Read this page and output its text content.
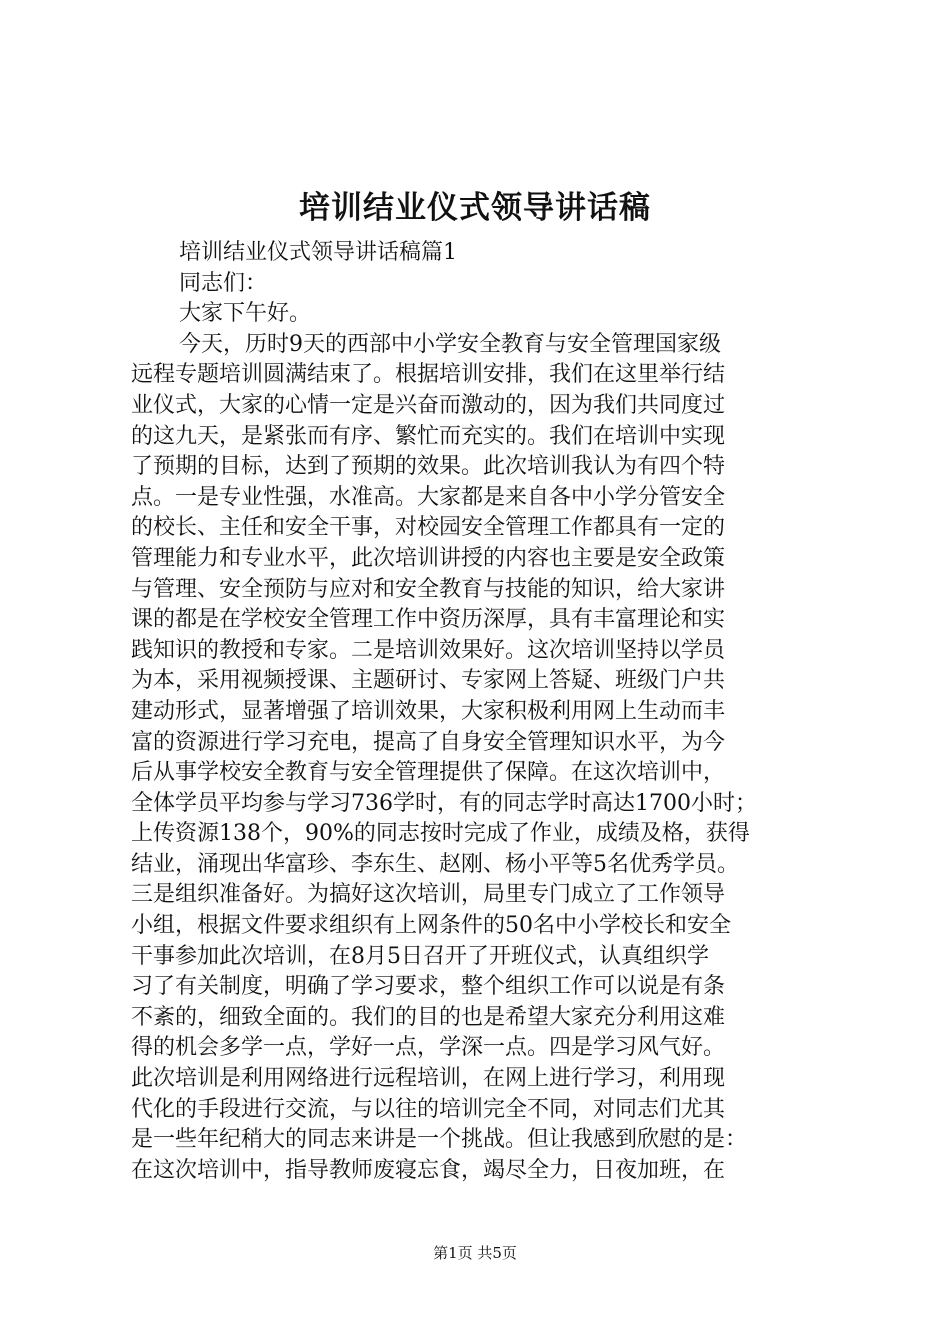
培训结业仪式领导讲话稿
培训结业仪式领导讲话稿篇1
同志们：
大家下午好。
今天，历时9天的西部中小学安全教育与安全管理国家级
远程专题培训圆满结束了。根据培训安排，我们在这里举行结
业仪式，大家的心情一定是兴奋而激动的，因为我们共同度过
的这九天，是紧张而有序、繁忙而充实的。我们在培训中实现
了预期的目标，达到了预期的效果。此次培训我认为有四个特
点。一是专业性强，水准高。大家都是来自各中小学分管安全
的校长、主任和安全干事，对校园安全管理工作都具有一定的
管理能力和专业水平，此次培训讲授的内容也主要是安全政策
与管理、安全预防与应对和安全教育与技能的知识，给大家讲
课的都是在学校安全管理工作中资历深厚，具有丰富理论和实
践知识的教授和专家。二是培训效果好。这次培训坚持以学员
为本，采用视频授课、主题研讨、专家网上答疑、班级门户共
建动形式，显著增强了培训效果，大家积极利用网上生动而丰
富的资源进行学习充电，提高了自身安全管理知识水平，为今
后从事学校安全教育与安全管理提供了保障。在这次培训中，
全体学员平均参与学习736学时，有的同志学时高达1700小时；
上传资源138个，90%的同志按时完成了作业，成绩及格，获得
结业，涌现出华富珍、李东生、赵刚、杨小平等5名优秀学员。
三是组织准备好。为搞好这次培训，局里专门成立了工作领导
小组，根据文件要求组织有上网条件的50名中小学校长和安全
干事参加此次培训，在8月5日召开了开班仪式，认真组织学
习了有关制度，明确了学习要求，整个组织工作可以说是有条
不紊的，细致全面的。我们的目的也是希望大家充分利用这难
得的机会多学一点，学好一点，学深一点。四是学习风气好。
此次培训是利用网络进行远程培训，在网上进行学习，利用现
代化的手段进行交流，与以往的培训完全不同，对同志们尤其
是一些年纪稍大的同志来讲是一个挑战。但让我感到欣慰的是：
在这次培训中，指导教师废寝忘食，竭尽全力，日夜加班，在
第1页 共5页
